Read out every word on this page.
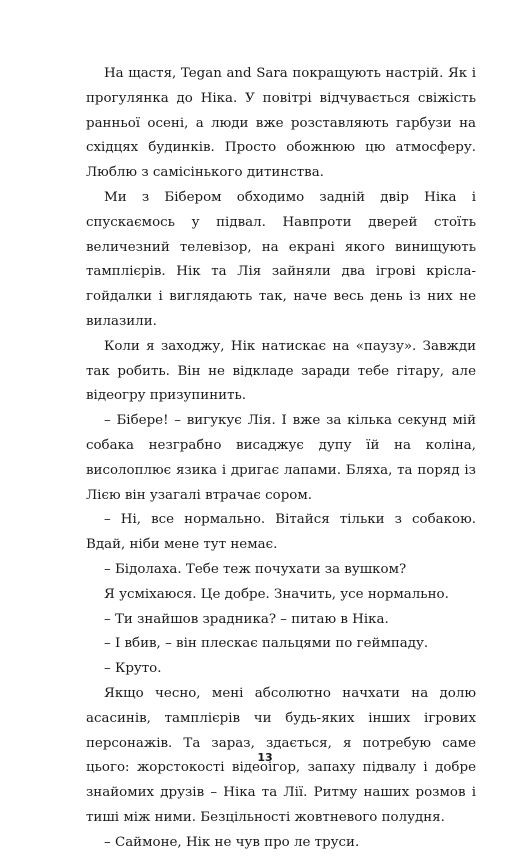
На щастя, Tegan and Sara покращують настрій. Як і прогулянка до Ніка. У повітрі відчувається свіжість ранньої осені, а люди вже розставляють гарбузи на східцях будинків. Просто обожнюю цю атмосферу. Люблю з самісінького дитинства.

Ми з Бібером обходимо задній двір Ніка і спускаємось у підвал. Навпроти дверей стоїть величезний телевізор, на екрані якого винищують тамплієрів. Нік та Лія зайняли два ігрові крісла-гойдалки і виглядають так, наче весь день із них не вилазили.

Коли я заходжу, Нік натискає на «паузу». Завжди так робить. Він не відкладе заради тебе гітару, але відеогру призупинить.

– Бібере! – вигукує Лія. І вже за кілька секунд мій собака незграбно висаджує дупу їй на коліна, висолоплює язика і дригає лапами. Бляха, та поряд із Лією він узагалі втрачає сором.

– Ні, все нормально. Вітайся тільки з собакою. Вдай, ніби мене тут немає.

– Бідолаха. Тебе теж почухати за вушком?

Я усміхаюся. Це добре. Значить, усе нормально.

– Ти знайшов зрадника? – питаю в Ніка.

– І вбив, – він плескає пальцями по геймпаду.

– Круто.

Якщо чесно, мені абсолютно начхати на долю асасинів, тамплієрів чи будь-яких інших ігрових персонажів. Та зараз, здається, я потребую саме цього: жорстокості відеоігор, запаху підвалу і добре знайомих друзів – Ніка та Лії. Ритму наших розмов і тиші між ними. Безцільності жовтневого полудня.

– Саймоне, Нік не чув про ле труси.

13
